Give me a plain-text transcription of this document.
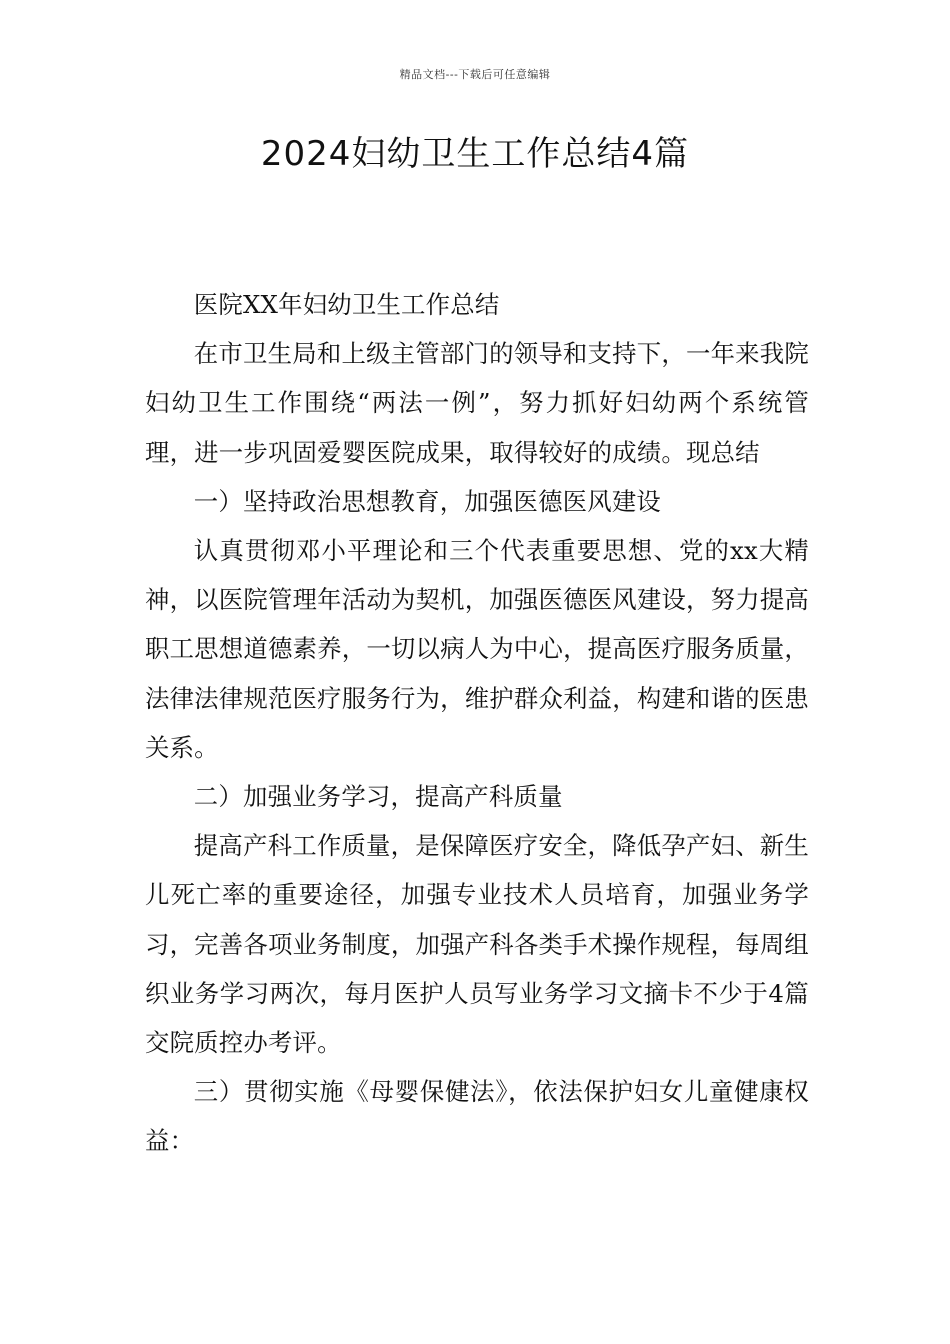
精品文档---下载后可任意编辑
2024妇幼卫生工作总结4篇

医院XX年妇幼卫生工作总结

在市卫生局和上级主管部门的领导和支持下，一年来我院妇幼卫生工作围绕“两法一例”，努力抓好妇幼两个系统管理，进一步巩固爱婴医院成果，取得较好的成绩。现总结

一）坚持政治思想教育，加强医德医风建设

认真贯彻邓小平理论和三个代表重要思想、党的xx大精神，以医院管理年活动为契机，加强医德医风建设，努力提高职工思想道德素养，一切以病人为中心，提高医疗服务质量，法律法律规范医疗服务行为，维护群众利益，构建和谐的医患关系。

二）加强业务学习，提高产科质量

提高产科工作质量，是保障医疗安全，降低孕产妇、新生儿死亡率的重要途径，加强专业技术人员培育，加强业务学习，完善各项业务制度，加强产科各类手术操作规程，每周组织业务学习两次，每月医护人员写业务学习文摘卡不少于4篇交院质控办考评。

三）贯彻实施《母婴保健法》，依法保护妇女儿童健康权益：
